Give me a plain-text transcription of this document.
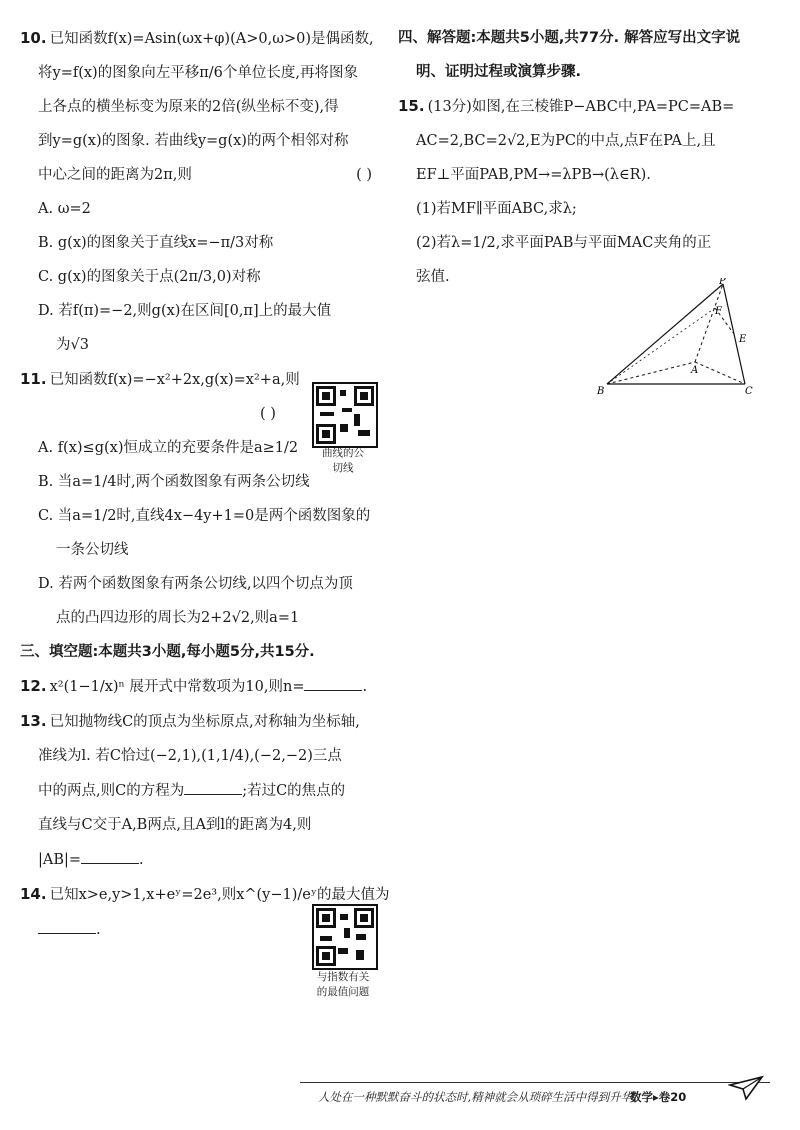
10. 已知函数f(x)=Asin(ωx+φ)(A>0,ω>0)是偶函数,
将y=f(x)的图象向左平移π/6个单位长度,再将图象
上各点的横坐标变为原来的2倍(纵坐标不变),得
到y=g(x)的图象. 若曲线y=g(x)的两个相邻对称
中心之间的距离为2π,则	( )
A. ω=2
B. g(x)的图象关于直线x=−π/3对称
C. g(x)的图象关于点(2π/3,0)对称
D. 若f(π)=−2,则g(x)在区间[0,π]上的最大值
为√3
11. 已知函数f(x)=−x²+2x,g(x)=x²+a,则
( )
A. f(x)≤g(x)恒成立的充要条件是a≥1/2
B. 当a=1/4时,两个函数图象有两条公切线
C. 当a=1/2时,直线4x−4y+1=0是两个函数图象的
一条公切线
D. 若两个函数图象有两条公切线,以四个切点为顶
点的凸四边形的周长为2+2√2,则a=1
三、填空题:本题共3小题,每小题5分,共15分.
12. x²(1−1/x)ⁿ 展开式中常数项为10,则n=	.
13. 已知抛物线C的顶点为坐标原点,对称轴为坐标轴,
准线为l. 若C恰过(−2,1),(1,1/4),(−2,−2)三点
中的两点,则C的方程为	;若过C的焦点的
直线与C交于A,B两点,且A到l的距离为4,则
|AB|=	.
14. 已知x>e,y>1,x+eʸ=2e³,则x^(y−1)/eʸ的最大值为
.
曲线的公
切线
与指数有关
的最值问题
四、解答题:本题共5小题,共77分. 解答应写出文字说
明、证明过程或演算步骤.
15. (13分)如图,在三棱锥P−ABC中,PA=PC=AB=
AC=2,BC=2√2,E为PC的中点,点F在PA上,且
EF⊥平面PAB,PM→=λPB→(λ∈R).
(1)若MF∥平面ABC,求λ;
(2)若λ=1/2,求平面PAB与平面MAC夹角的正
弦值.	P
F
E
A
B	C
人处在一种默默奋斗的状态时,精神就会从琐碎生活中得到升华。
数学▸卷20
